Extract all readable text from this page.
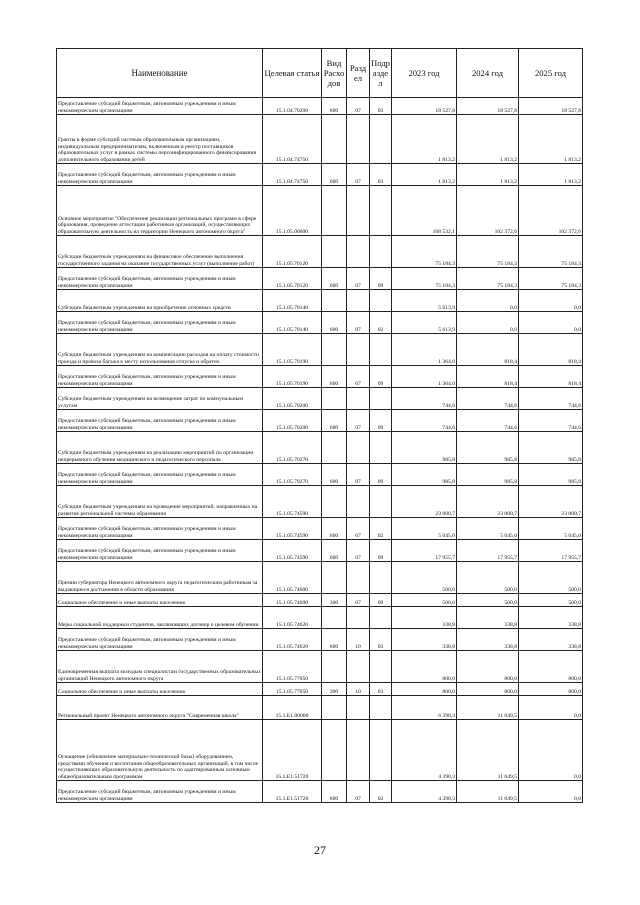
Наименование	Целевая статья	Вид Расхо дов	Разд ел	Подр азде л	2023 год	2024 год	2025 год
Предоставление субсидий бюджетным, автономным учреждениям и иным некоммерческим организациям	15.1.04.70200	600	07	03	18 527,8	18 527,8	18 527,8
Гранты в форме субсидий частным образовательным организациям, индивидуальным предпринимателям, включенным в реестр поставщиков образовательных услуг в рамках системы персонифицированного финансирования дополнительного образования детей	15.1.04.74750				1 813,2	1 813,2	1 813,2
Предоставление субсидий бюджетным, автономным учреждениям и иным некоммерческим организациям	15.1.04.74750	600	07	03	1 813,2	1 813,2	1 813,2
Основное мероприятие "Обеспечение реализации региональных программ в сфере образования, проведение аттестации работников организаций, осуществляющих образовательную деятельность на территории Ненецкого автономного округа"	15.1.05.00000				108 532,1	102 372,6	102 372,6
Субсидии бюджетным учреждениям на финансовое обеспечение выполнения государственного задания на оказание государственных услуг (выполнение работ)	15.1.05.70120				75 184,3	75 184,3	75 184,3
Предоставление субсидий бюджетным, автономным учреждениям и иным некоммерческим организациям	15.1.05.70120	600	07	09	75 184,3	75 184,3	75 184,3
Субсидии бюджетным учреждениям на приобретение основных средств	15.1.05.70140				5 613,9	0,0	0,0
Предоставление субсидий бюджетным, автономным учреждениям и иным некоммерческим организациям	15.1.05.70140	600	07	02	5 613,9	0,0	0,0
Субсидии бюджетным учреждениям на компенсацию расходов на оплату стоимости проезда и провоза багажа к месту использования отпуска и обратно	15.1.05.70190				1 364,0	818,4	818,4
Предоставление субсидий бюджетным, автономным учреждениям и иным некоммерческим организациям	15.1.05.70190	600	07	09	1 364,0	818,4	818,4
Субсидии бюджетным учреждениям на возмещение затрат по коммунальным услугам	15.1.05.70200				744,6	744,6	744,6
Предоставление субсидий бюджетным, автономным учреждениям и иным некоммерческим организациям	15.1.05.70200	600	07	09	744,6	744,6	744,6
Субсидии бюджетным учреждениям на реализацию мероприятий по организации непрерывного обучения медицинского и педагогического персонала	15.1.05.70270				985,8	985,8	985,8
Предоставление субсидий бюджетным, автономным учреждениям и иным некоммерческим организациям	15.1.05.70270	600	07	09	985,8	985,8	985,8
Субсидии бюджетным учреждениям на проведение мероприятий, направленных на развитие региональной системы образования	15.1.05.74590				23 000,7	23 000,7	23 000,7
Предоставление субсидий бюджетным, автономным учреждениям и иным некоммерческим организациям	15.1.05.74590	600	07	02	5 045,0	5 045,0	5 045,0
Предоставление субсидий бюджетным, автономным учреждениям и иным некоммерческим организациям	15.1.05.74590	600	07	09	17 955,7	17 955,7	17 955,7
Премии губернатора Ненецкого автономного округа педагогическим работникам за выдающиеся достижения в области образования	15.1.05.74600				500,0	500,0	500,0
Социальное обеспечение и иные выплаты населению	15.1.05.74600	300	07	09	500,0	500,0	500,0
Меры социальной поддержки студентов, заключивших договор о целевом обучении	15.1.05.74620				338,8	338,8	338,8
Предоставление субсидий бюджетным, автономным учреждениям и иным некоммерческим организациям	15.1.05.74620	600	10	03	338,8	338,8	338,8
Единовременная выплата молодым специалистам государственных образовательных организаций Ненецкого автономного округа	15.1.05.77050				800,0	800,0	800,0
Социальное обеспечение и иные выплаты населению	15.1.05.77050	300	10	03	800,0	800,0	800,0
Региональный проект Ненецкого автономного округа "Современная школа"	15.1.E1.00000				6 390,3	11 049,5	0,0
Оснащение (обновление материально-технической базы) оборудованием, средствами обучения и воспитания общеобразовательных организаций, в том числе осуществляющих образовательную деятельность по адаптированным основным общеобразовательным программам	15.1.E1.51720				4 390,3	11 049,5	0,0
Предоставление субсидий бюджетным, автономным учреждениям и иным некоммерческим организациям	15.1.E1.51720	600	07	02	4 390,3	11 049,5	0,0
27
